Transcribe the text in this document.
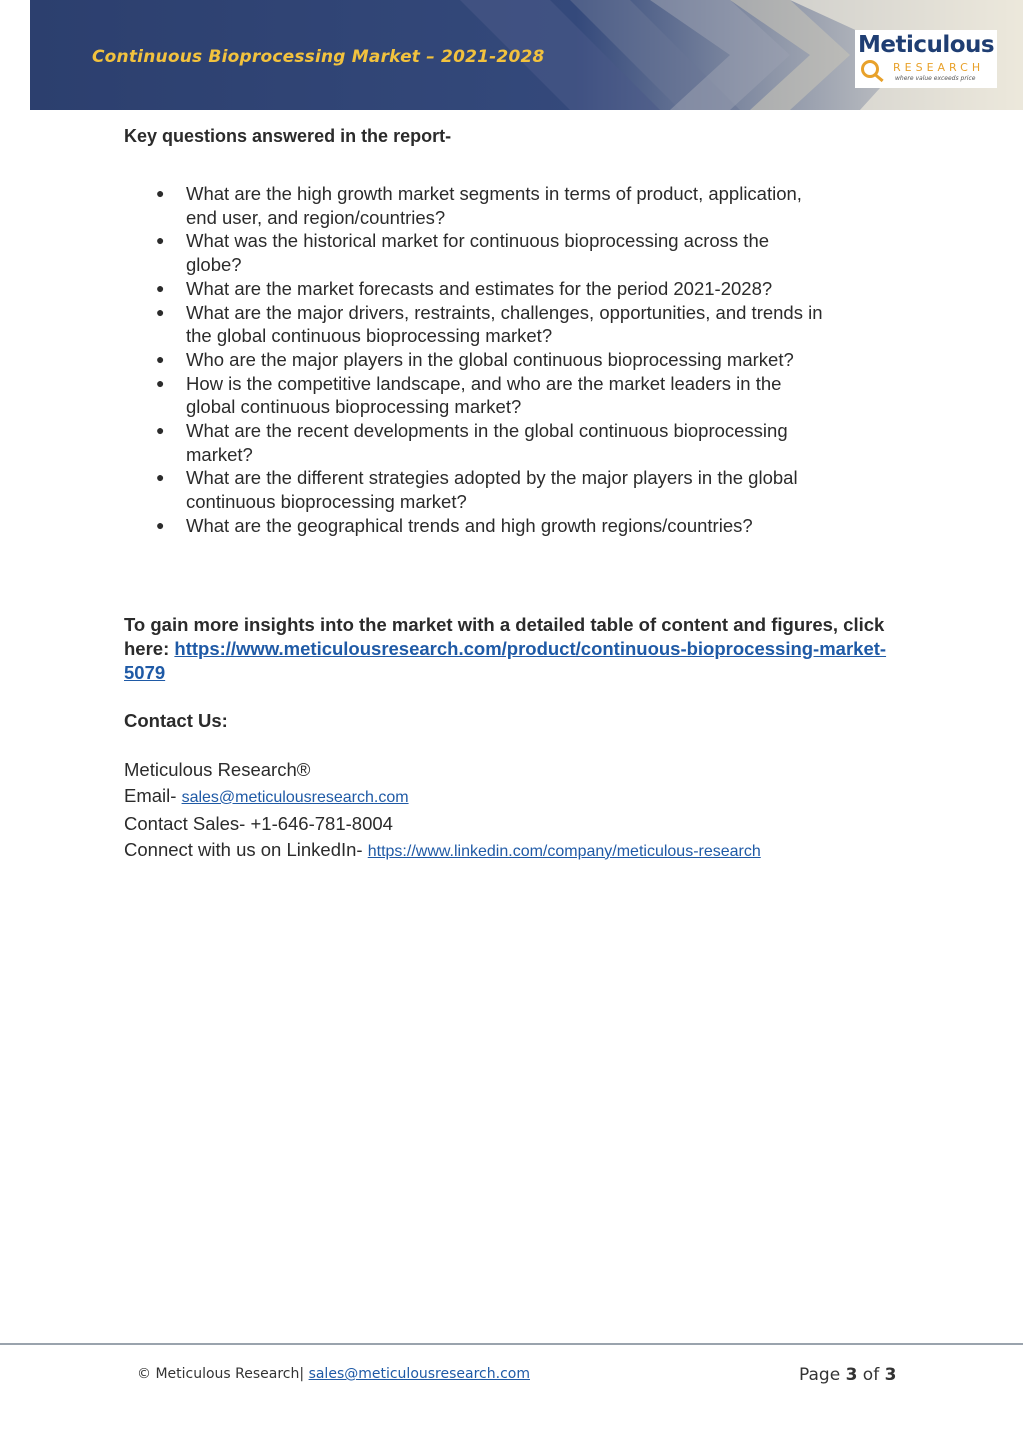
Continuous Bioprocessing Market – 2021-2028	Meticulous
RESEARCH
where value exceeds price

Key questions answered in the report-

● What are the high growth market segments in terms of product, application,
end user, and region/countries?
● What was the historical market for continuous bioprocessing across the
globe?
● What are the market forecasts and estimates for the period 2021-2028?
● What are the major drivers, restraints, challenges, opportunities, and trends in
the global continuous bioprocessing market?
● Who are the major players in the global continuous bioprocessing market?
● How is the competitive landscape, and who are the market leaders in the
global continuous bioprocessing market?
● What are the recent developments in the global continuous bioprocessing
market?
● What are the different strategies adopted by the major players in the global
continuous bioprocessing market?
● What are the geographical trends and high growth regions/countries?
To gain more insights into the market with a detailed table of content and figures, click here: https://www.meticulousresearch.com/product/continuous-bioprocessing-market-5079
Contact Us:
Meticulous Research®
Email- sales@meticulousresearch.com
Contact Sales- +1-646-781-8004
Connect with us on LinkedIn- https://www.linkedin.com/company/meticulous-research
© Meticulous Research| sales@meticulousresearch.com	Page 3 of 3
